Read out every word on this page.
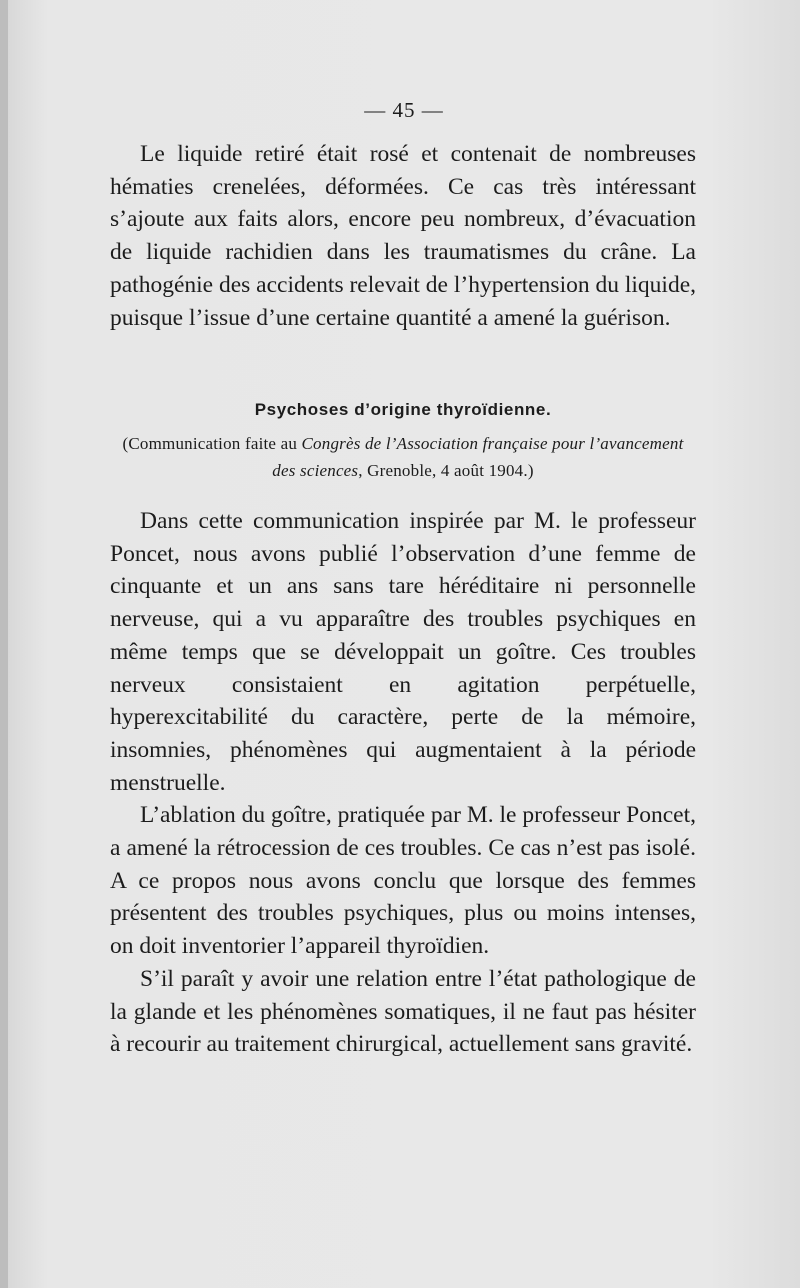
— 45 —

Le liquide retiré était rosé et contenait de nombreuses hématies crenelées, déformées. Ce cas très intéressant s’ajoute aux faits alors, encore peu nombreux, d’évacuation de liquide rachidien dans les traumatismes du crâne. La pathogénie des accidents relevait de l’hypertension du liquide, puisque l’issue d’une certaine quantité a amené la guérison.

Psychoses d’origine thyroïdienne.
(Communication faite au Congrès de l’Association française pour l’avancement des sciences, Grenoble, 4 août 1904.)

Dans cette communication inspirée par M. le professeur Poncet, nous avons publié l’observation d’une femme de cinquante et un ans sans tare héréditaire ni personnelle nerveuse, qui a vu apparaître des troubles psychiques en même temps que se développait un goître. Ces troubles nerveux consistaient en agitation perpétuelle, hyperexcitabilité du caractère, perte de la mémoire, insomnies, phénomènes qui augmentaient à la période menstruelle.

L’ablation du goître, pratiquée par M. le professeur Poncet, a amené la rétrocession de ces troubles. Ce cas n’est pas isolé. A ce propos nous avons conclu que lorsque des femmes présentent des troubles psychiques, plus ou moins intenses, on doit inventorier l’appareil thyroïdien.

S’il paraît y avoir une relation entre l’état pathologique de la glande et les phénomènes somatiques, il ne faut pas hésiter à recourir au traitement chirurgical, actuellement sans gravité.
